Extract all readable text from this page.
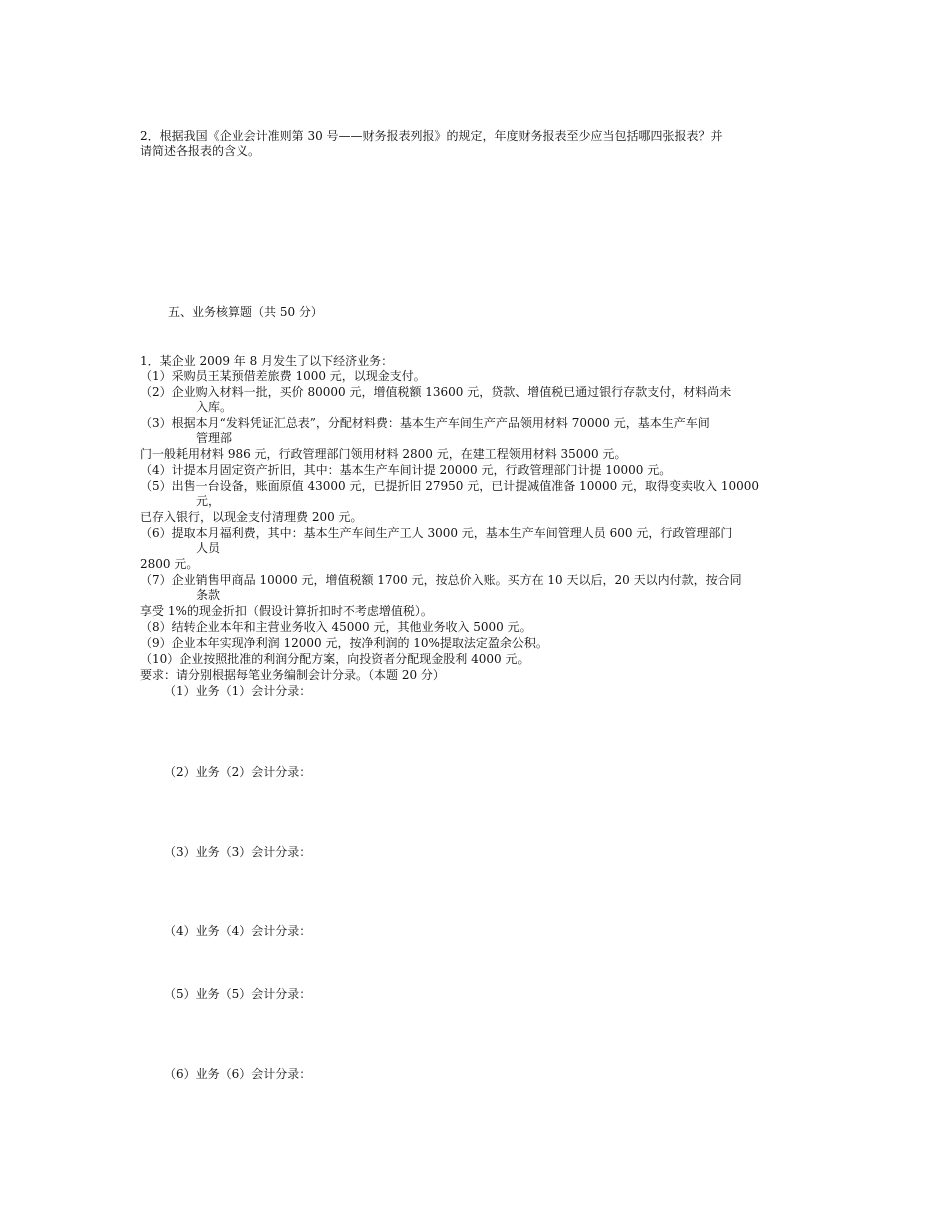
2．根据我国《企业会计准则第 30 号——财务报表列报》的规定，年度财务报表至少应当包括哪四张报表？并
请简述各报表的含义。
五、业务核算题（共 50 分）
1．某企业 2009 年 8 月发生了以下经济业务：
（1）采购员王某预借差旅费 1000 元，以现金支付。
（2）企业购入材料一批，买价 80000 元，增值税额 13600 元，贷款、增值税已通过银行存款支付，材料尚未
入库。
（3）根据本月“发料凭证汇总表”，分配材料费：基本生产车间生产产品领用材料 70000 元，基本生产车间
管理部
门一般耗用材料 986 元，行政管理部门领用材料 2800 元，在建工程领用材料 35000 元。
（4）计提本月固定资产折旧，其中：基本生产车间计提 20000 元，行政管理部门计提 10000 元。
（5）出售一台设备，账面原值 43000 元，已提折旧 27950 元，已计提减值准备 10000 元，取得变卖收入 10000
元，
已存入银行，以现金支付清理费 200 元。
（6）提取本月福利费，其中：基本生产车间生产工人 3000 元，基本生产车间管理人员 600 元，行政管理部门
人员
2800 元。
（7）企业销售甲商品 10000 元，增值税额 1700 元，按总价入账。买方在 10 天以后，20 天以内付款，按合同
条款
享受 1%的现金折扣（假设计算折扣时不考虑增值税）。
（8）结转企业本年和主营业务收入 45000 元，其他业务收入 5000 元。
（9）企业本年实现净利润 12000 元，按净利润的 10%提取法定盈余公积。
（10）企业按照批准的利润分配方案，向投资者分配现金股利 4000 元。
要求：请分别根据每笔业务编制会计分录。（本题 20 分）
（1）业务（1）会计分录：
（2）业务（2）会计分录：
（3）业务（3）会计分录：
（4）业务（4）会计分录：
（5）业务（5）会计分录：
（6）业务（6）会计分录：
